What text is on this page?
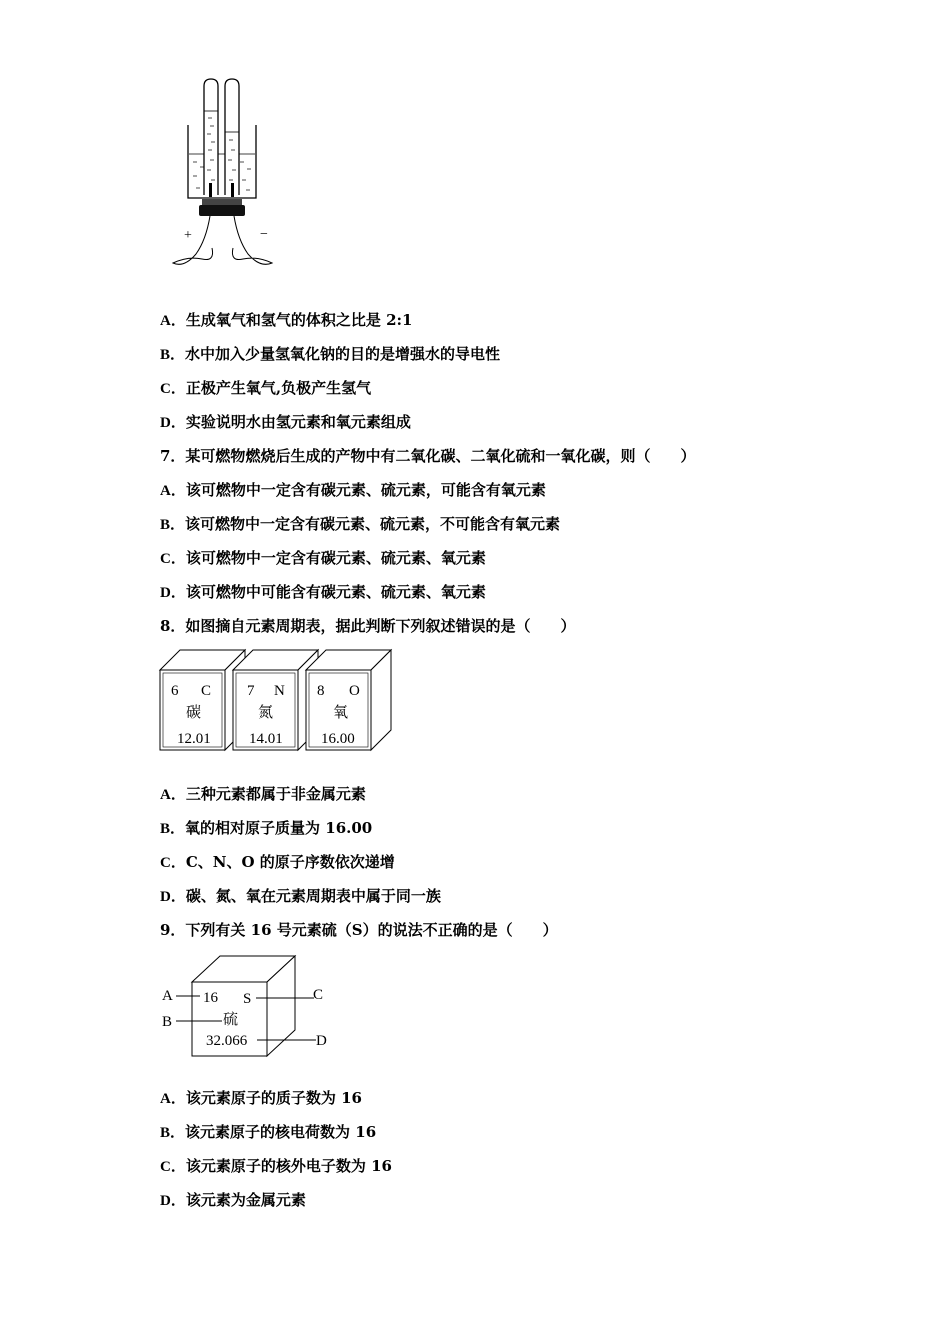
+	−
A．生成氧气和氢气的体积之比是 2:1
B．水中加入少量氢氧化钠的目的是增强水的导电性
C．正极产生氧气,负极产生氢气
D．实验说明水由氢元素和氧元素组成
7．某可燃物燃烧后生成的产物中有二氧化碳、二氧化硫和一氧化碳，则（　　）
A．该可燃物中一定含有碳元素、硫元素，可能含有氧元素
B．该可燃物中一定含有碳元素、硫元素，不可能含有氧元素
C．该可燃物中一定含有碳元素、硫元素、氧元素
D．该可燃物中可能含有碳元素、硫元素、氧元素
8．如图摘自元素周期表，据此判断下列叙述错误的是（　　）
6 C
碳
12.01
7 N
氮
14.01
8 O
氧
16.00
A．三种元素都属于非金属元素
B．氧的相对原子质量为 16.00
C．C、N、O 的原子序数依次递增
D．碳、氮、氧在元素周期表中属于同一族
9．下列有关 16 号元素硫（S）的说法不正确的是（　　）
A
B
C
D
16 S
硫
32.066
A．该元素原子的质子数为 16
B．该元素原子的核电荷数为 16
C．该元素原子的核外电子数为 16
D．该元素为金属元素
